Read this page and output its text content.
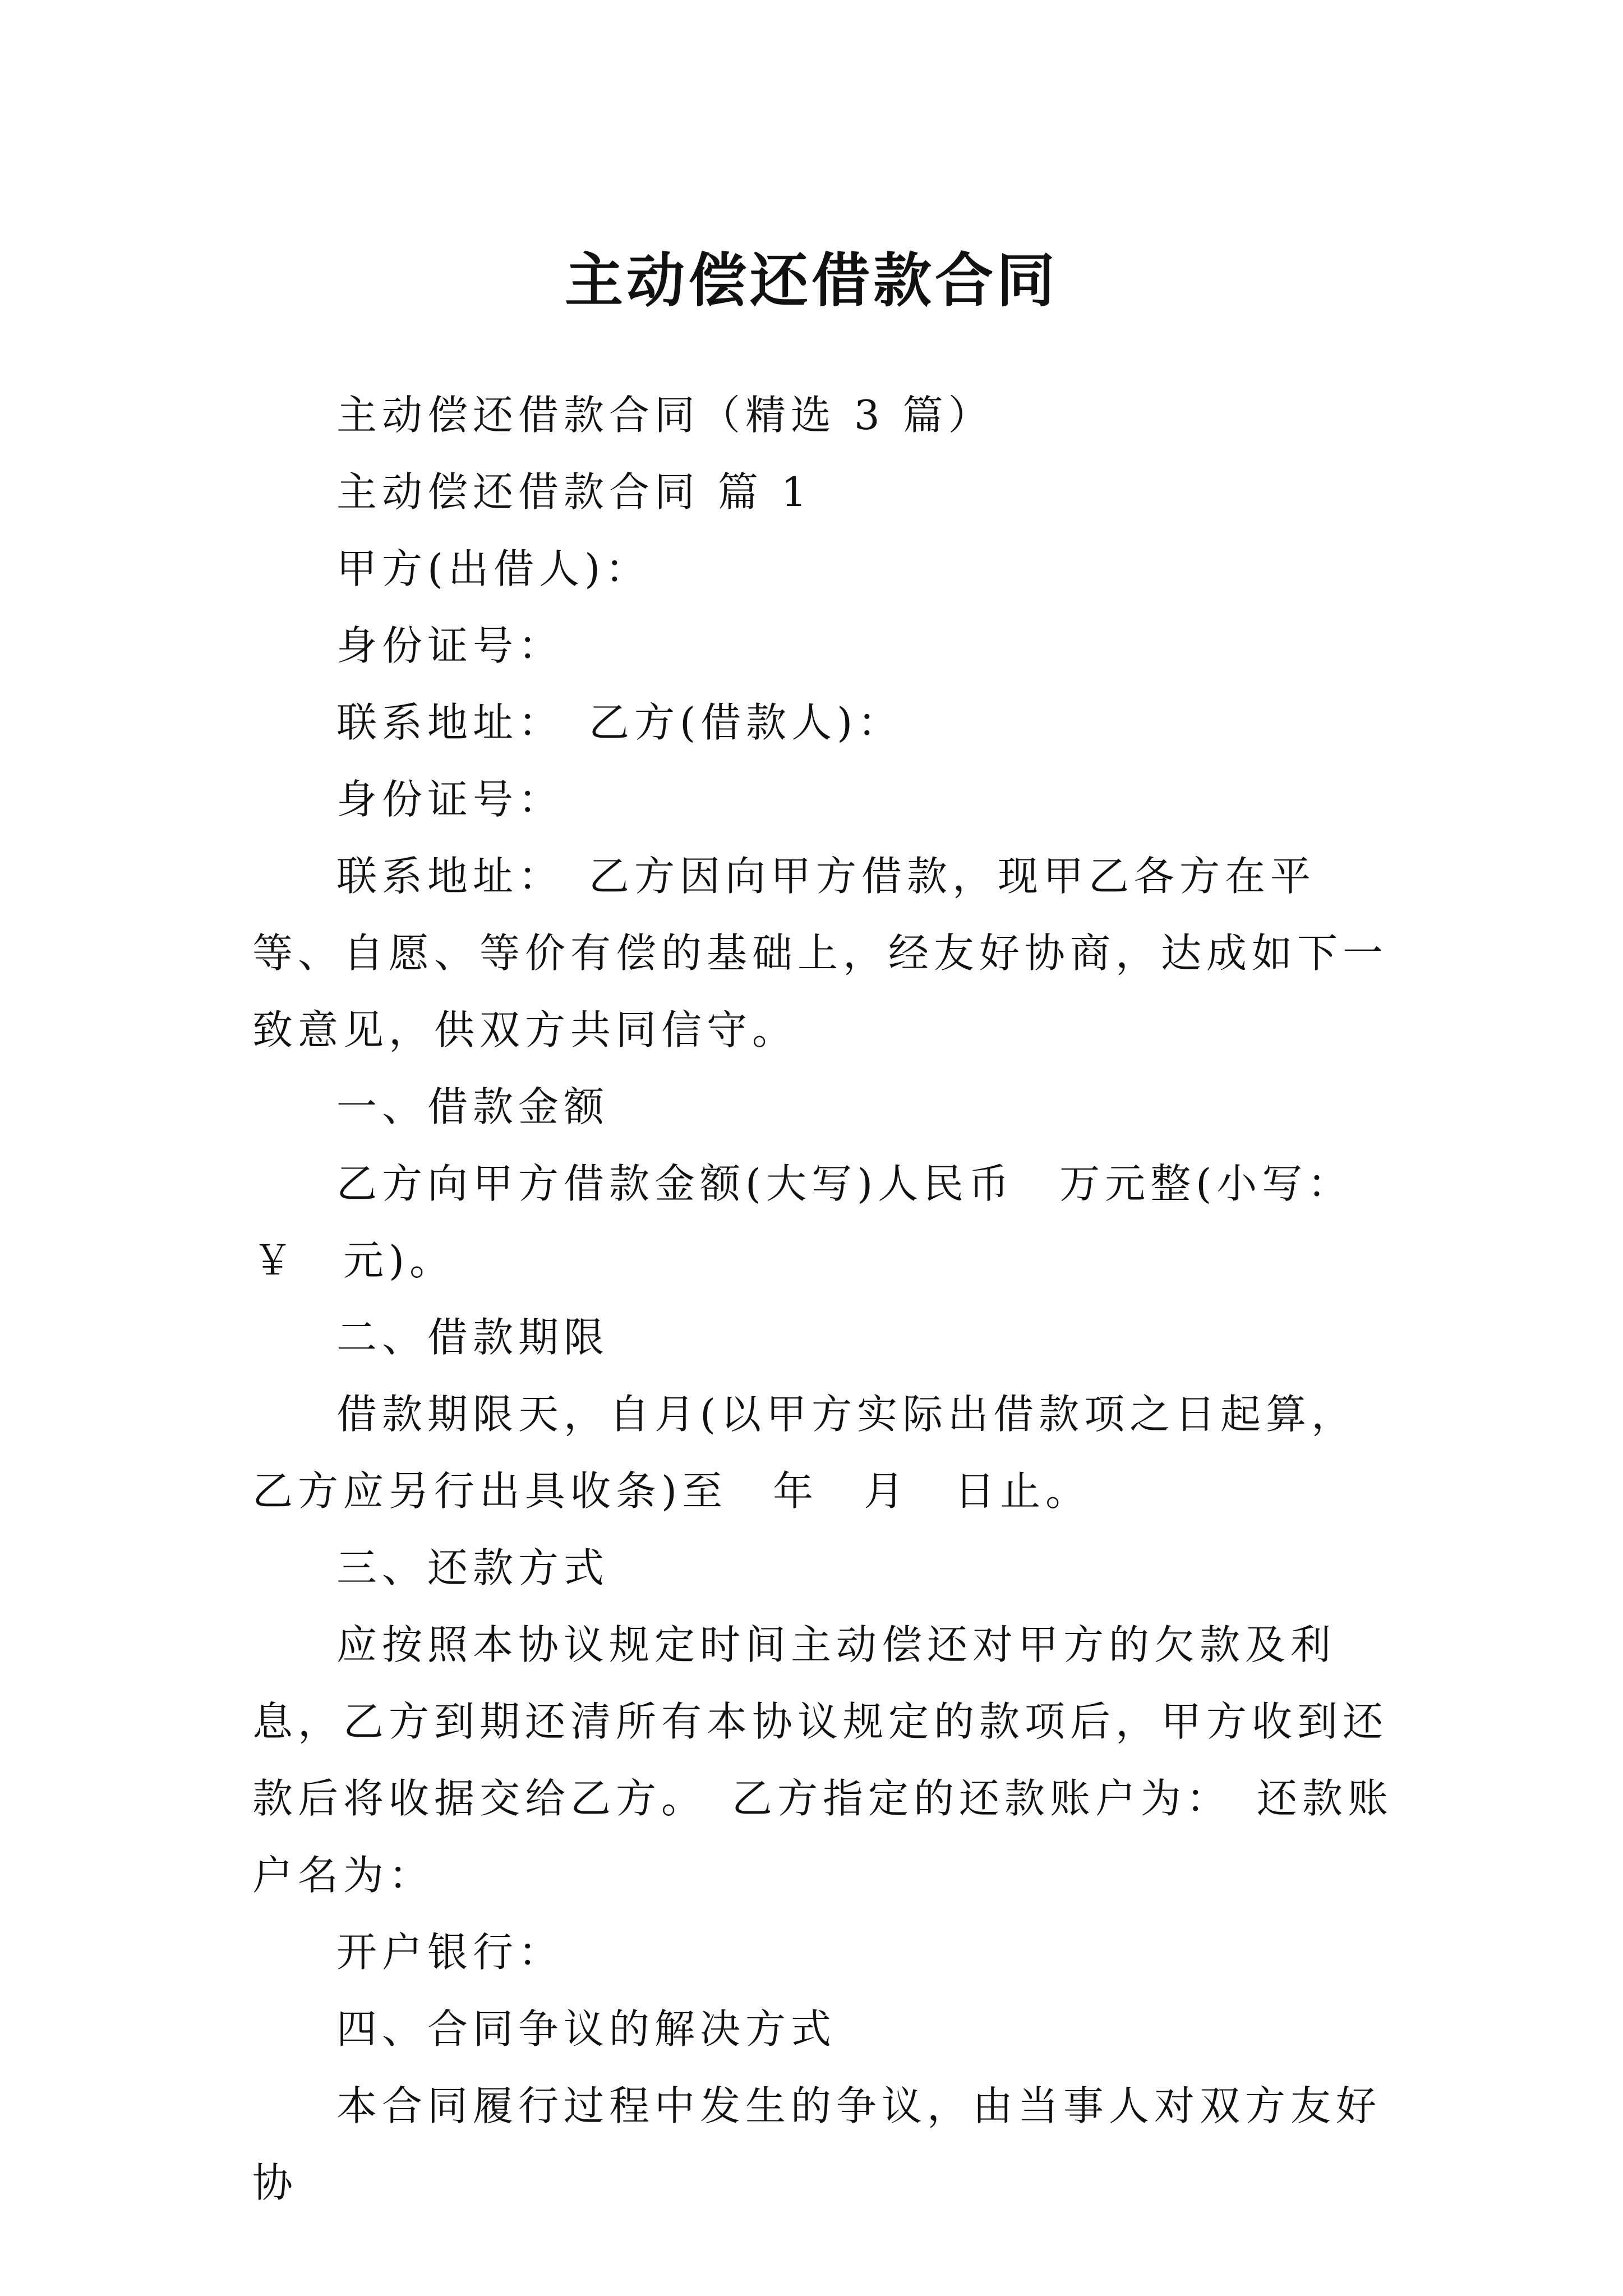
主动偿还借款合同

主动偿还借款合同（精选 3 篇）

主动偿还借款合同 篇 1

甲方(出借人)：

身份证号：

联系地址：　乙方(借款人)：

身份证号：

联系地址：　乙方因向甲方借款，现甲乙各方在平等、自愿、等价有偿的基础上，经友好协商，达成如下一致意见，供双方共同信守。

一、借款金额

乙方向甲方借款金额(大写)人民币　万元整(小写：￥　元)。

二、借款期限

借款期限天，自月(以甲方实际出借款项之日起算，乙方应另行出具收条)至　年　月　日止。

三、还款方式

应按照本协议规定时间主动偿还对甲方的欠款及利息，乙方到期还清所有本协议规定的款项后，甲方收到还款后将收据交给乙方。　乙方指定的还款账户为：　还款账户名为：

开户银行：

四、合同争议的解决方式

本合同履行过程中发生的争议，由当事人对双方友好协
